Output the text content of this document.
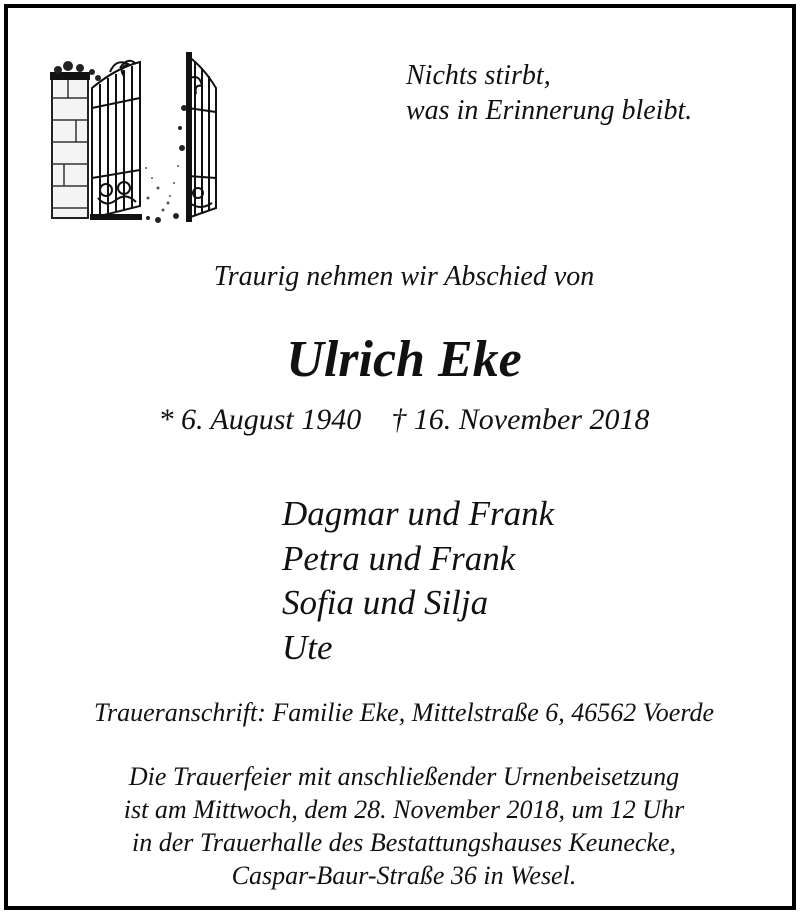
Nichts stirbt,
was in Erinnerung bleibt.
Traurig nehmen wir Abschied von
Ulrich Eke
* 6. August 1940 † 16. November 2018
Dagmar und Frank
Petra und Frank
Sofia und Silja
Ute
Traueranschrift: Familie Eke, Mittelstraße 6, 46562 Voerde
Die Trauerfeier mit anschließender Urnenbeisetzung
ist am Mittwoch, dem 28. November 2018, um 12 Uhr
in der Trauerhalle des Bestattungshauses Keunecke,
Caspar-Baur-Straße 36 in Wesel.
